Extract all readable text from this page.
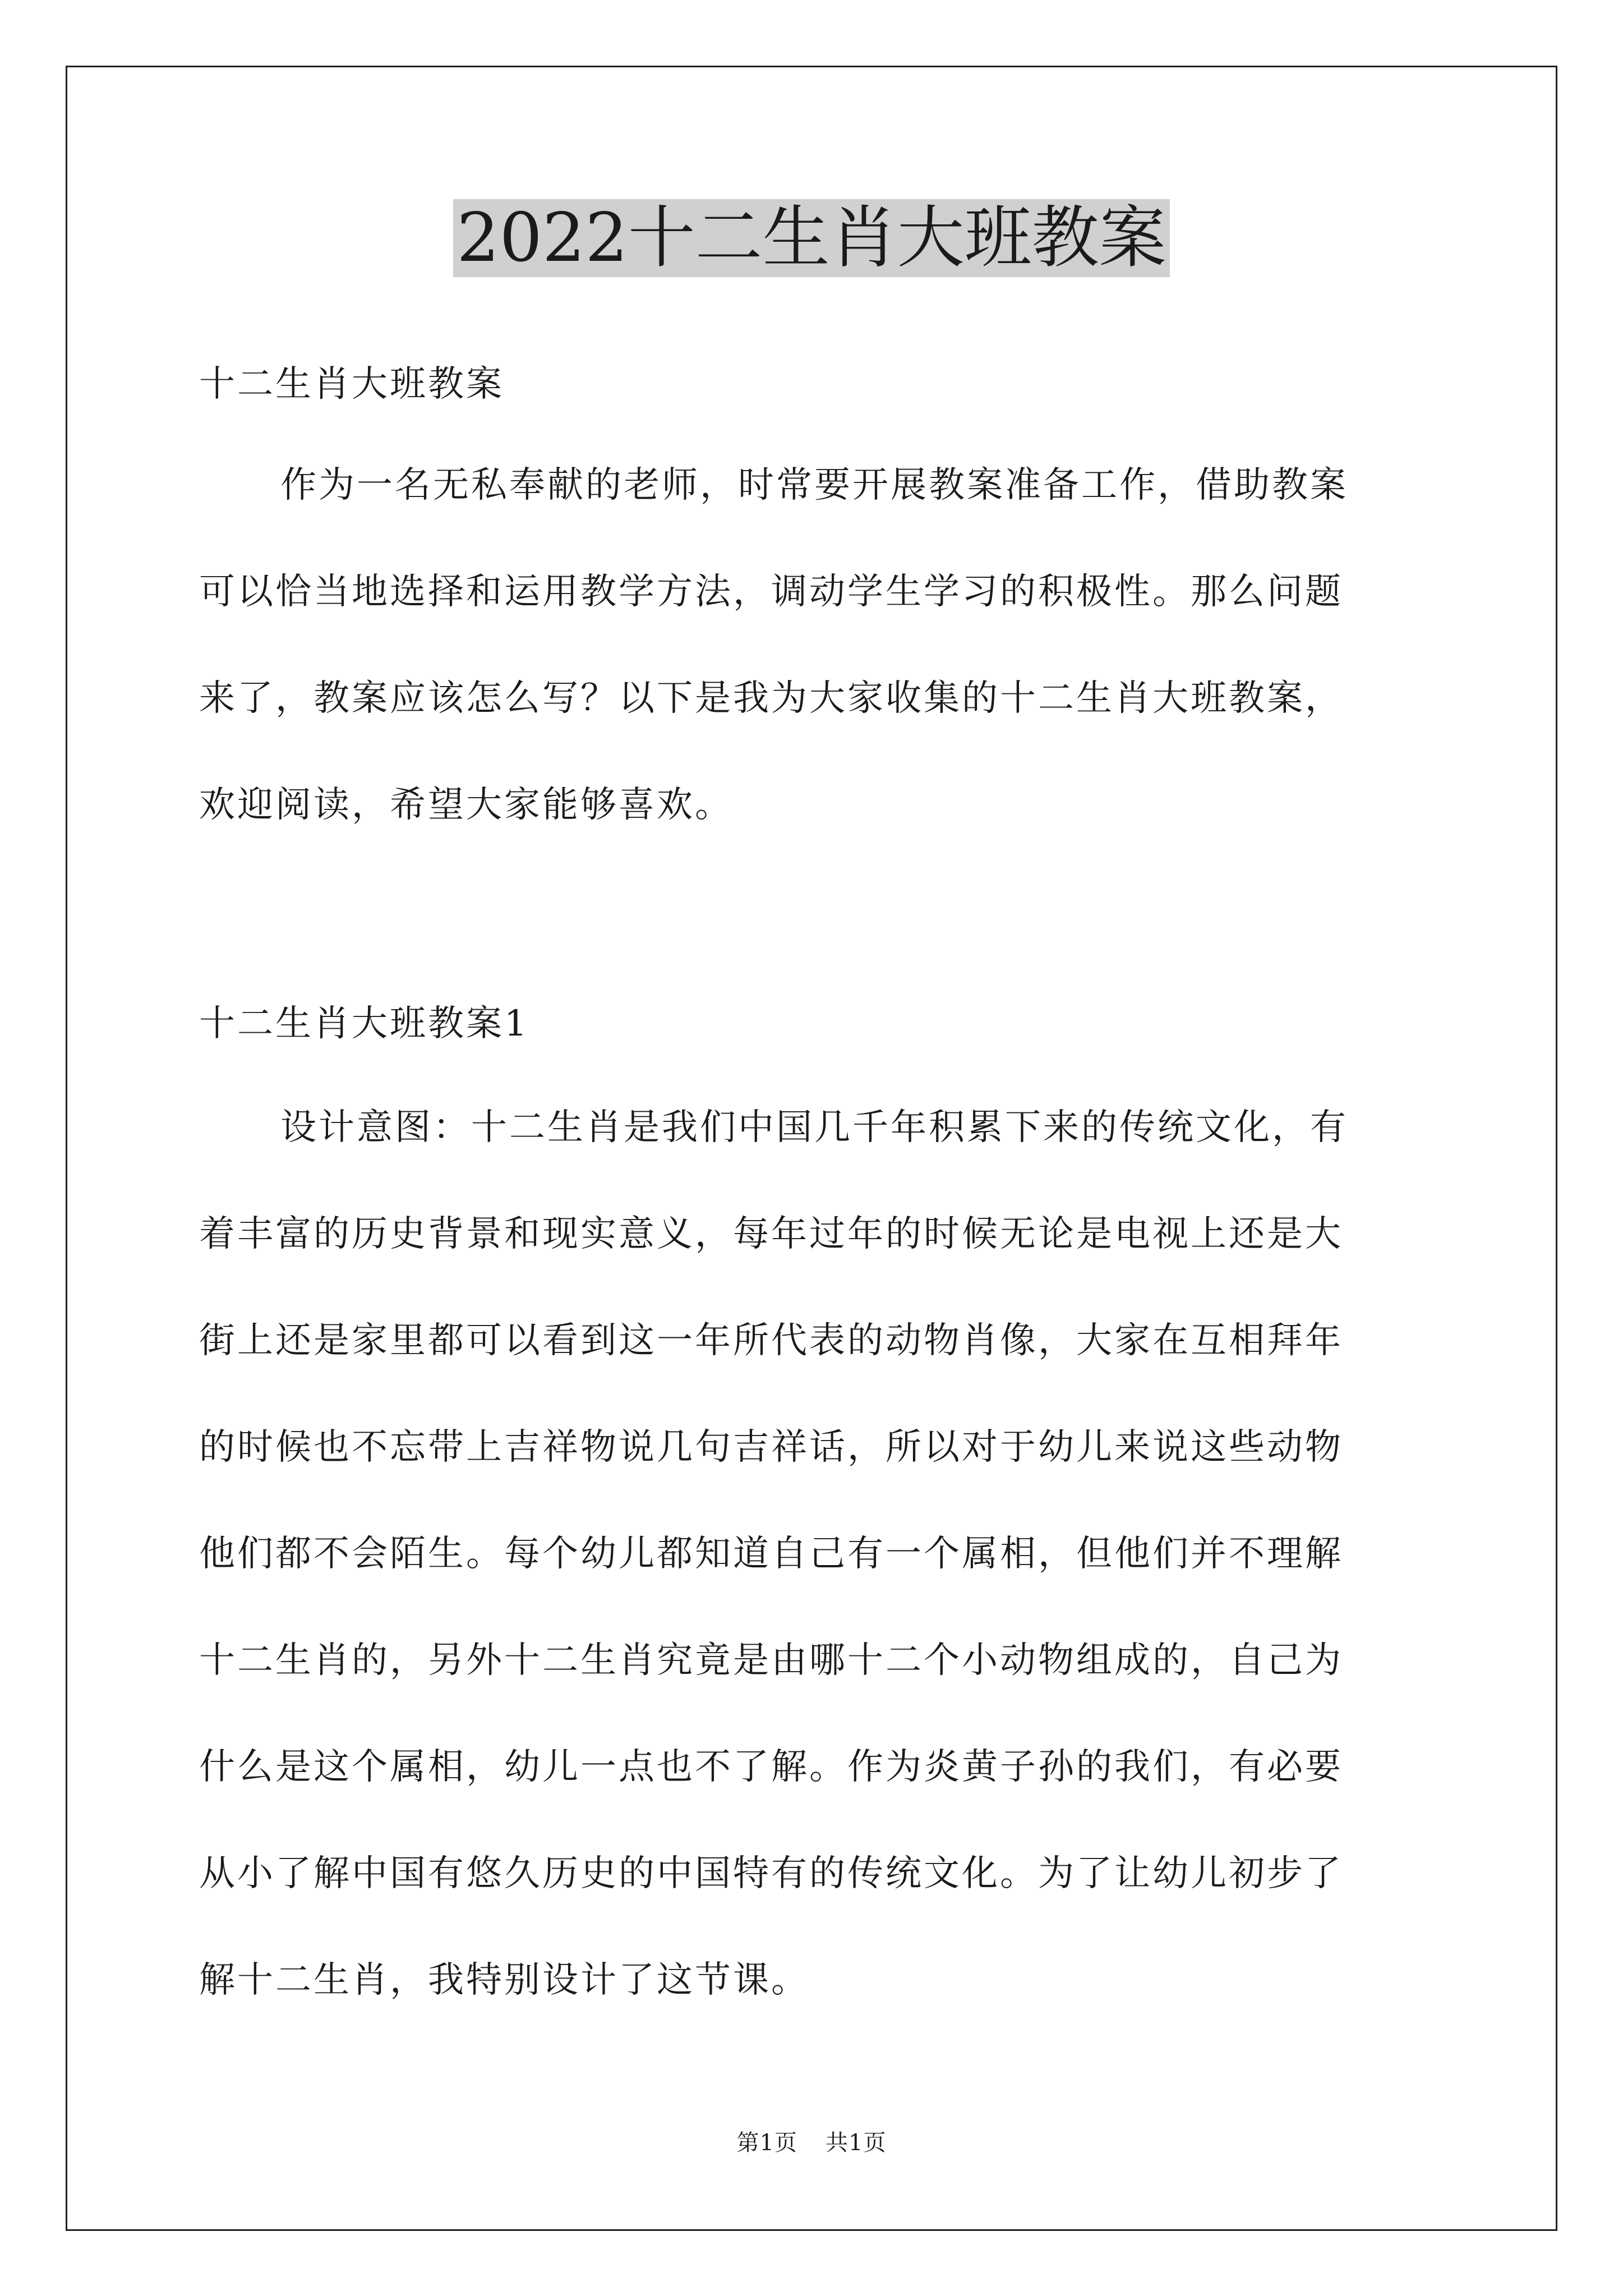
2022十二生肖大班教案
十二生肖大班教案
作为一名无私奉献的老师，时常要开展教案准备工作，借助教案
可以恰当地选择和运用教学方法，调动学生学习的积极性。那么问题
来了，教案应该怎么写？以下是我为大家收集的十二生肖大班教案，
欢迎阅读，希望大家能够喜欢。
十二生肖大班教案1
设计意图：十二生肖是我们中国几千年积累下来的传统文化，有
着丰富的历史背景和现实意义，每年过年的时候无论是电视上还是大
街上还是家里都可以看到这一年所代表的动物肖像，大家在互相拜年
的时候也不忘带上吉祥物说几句吉祥话，所以对于幼儿来说这些动物
他们都不会陌生。每个幼儿都知道自己有一个属相，但他们并不理解
十二生肖的，另外十二生肖究竟是由哪十二个小动物组成的，自己为
什么是这个属相，幼儿一点也不了解。作为炎黄子孙的我们，有必要
从小了解中国有悠久历史的中国特有的传统文化。为了让幼儿初步了
解十二生肖，我特别设计了这节课。
第1页 共1页
